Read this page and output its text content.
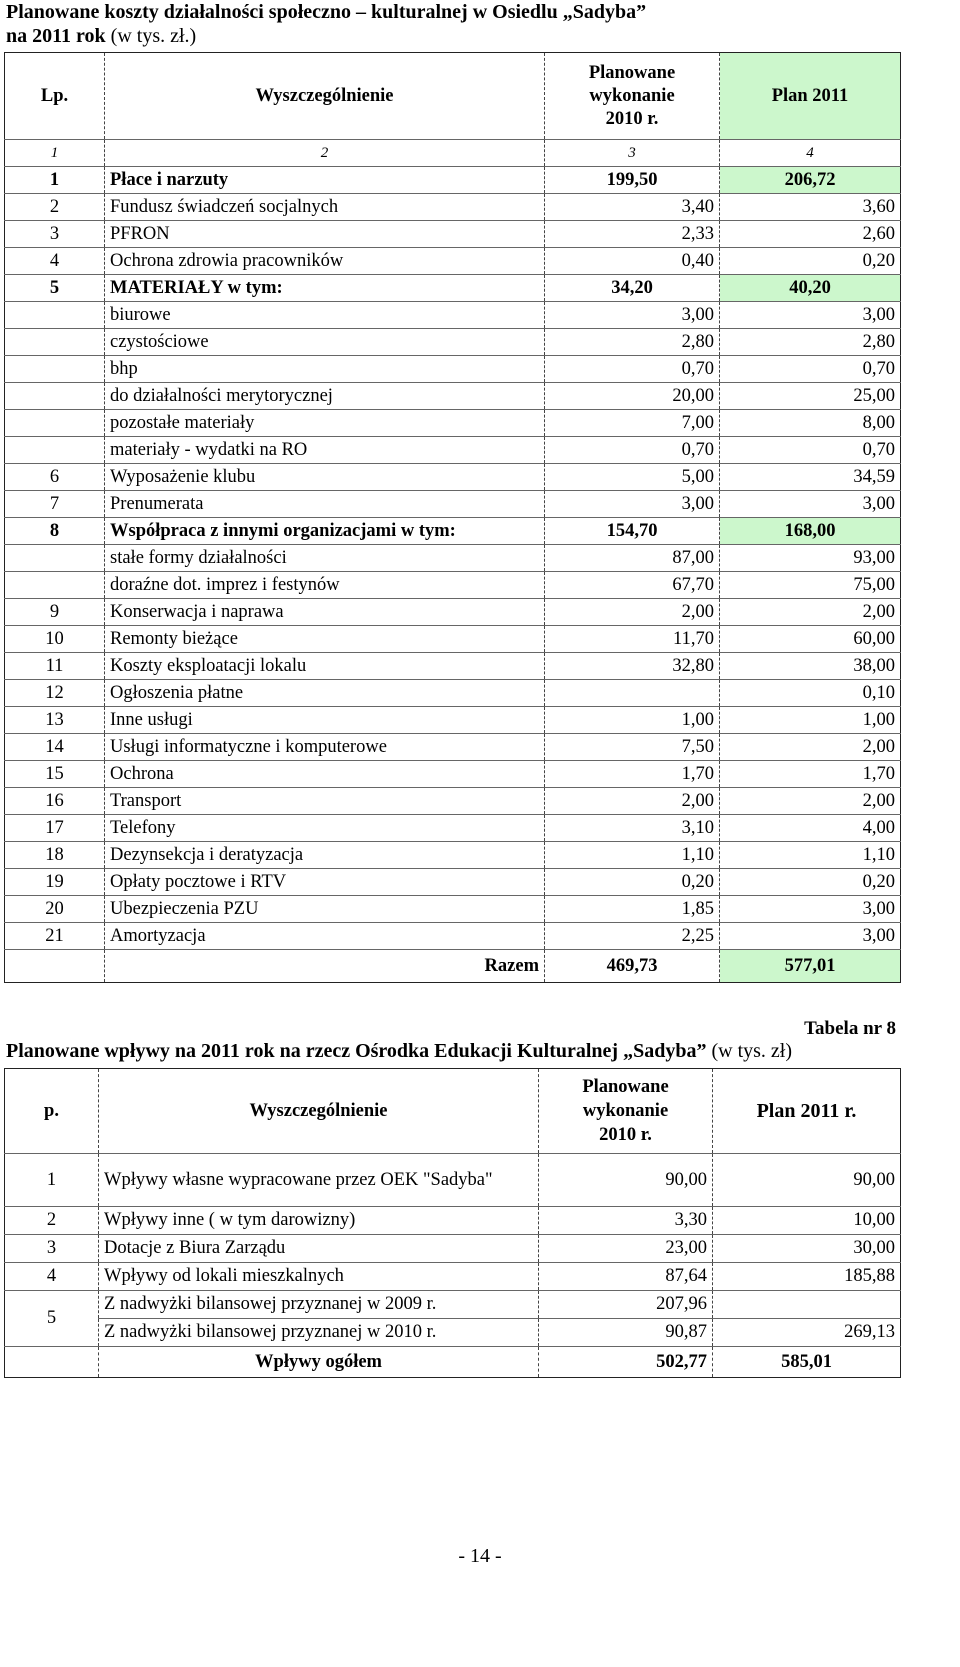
Planowane koszty działalności społeczno – kulturalnej w Osiedlu „Sadyba”
na 2011 rok (w tys. zł.)
Lp.	Wyszczególnienie	Planowane
wykonanie
2010 r.	Plan 2011
1	2	3	4
1	Płace i narzuty	199,50	206,72
2	Fundusz świadczeń socjalnych	3,40	3,60
3	PFRON	2,33	2,60
4	Ochrona zdrowia pracowników	0,40	0,20
5	MATERIAŁY w tym:	34,20	40,20
	biurowe	3,00	3,00
	czystościowe	2,80	2,80
	bhp	0,70	0,70
	do działalności merytorycznej	20,00	25,00
	pozostałe materiały	7,00	8,00
	materiały - wydatki na RO	0,70	0,70
6	Wyposażenie klubu	5,00	34,59
7	Prenumerata	3,00	3,00
8	Współpraca z innymi organizacjami w tym:	154,70	168,00
	stałe formy działalności	87,00	93,00
	doraźne dot. imprez i festynów	67,70	75,00
9	Konserwacja i naprawa	2,00	2,00
10	Remonty bieżące	11,70	60,00
11	Koszty eksploatacji lokalu	32,80	38,00
12	Ogłoszenia płatne		0,10
13	Inne usługi	1,00	1,00
14	Usługi informatyczne i komputerowe	7,50	2,00
15	Ochrona	1,70	1,70
16	Transport	2,00	2,00
17	Telefony	3,10	4,00
18	Dezynsekcja i deratyzacja	1,10	1,10
19	Opłaty pocztowe i RTV	0,20	0,20
20	Ubezpieczenia PZU	1,85	3,00
21	Amortyzacja	2,25	3,00
	Razem	469,73	577,01
Tabela nr 8
Planowane wpływy na 2011 rok na rzecz Ośrodka Edukacji Kulturalnej „Sadyba” (w tys. zł)
p.	Wyszczególnienie	Planowane
wykonanie
2010 r.	Plan 2011 r.
1	Wpływy własne wypracowane przez OEK "Sadyba"	90,00	90,00
2	Wpływy inne ( w tym darowizny)	3,30	10,00
3	Dotacje z Biura Zarządu	23,00	30,00
4	Wpływy od lokali mieszkalnych	87,64	185,88
5	Z nadwyżki bilansowej przyznanej w 2009 r.	207,96	
	Z nadwyżki bilansowej przyznanej w 2010 r.	90,87	269,13
	Wpływy ogółem	502,77	585,01
- 14 -
